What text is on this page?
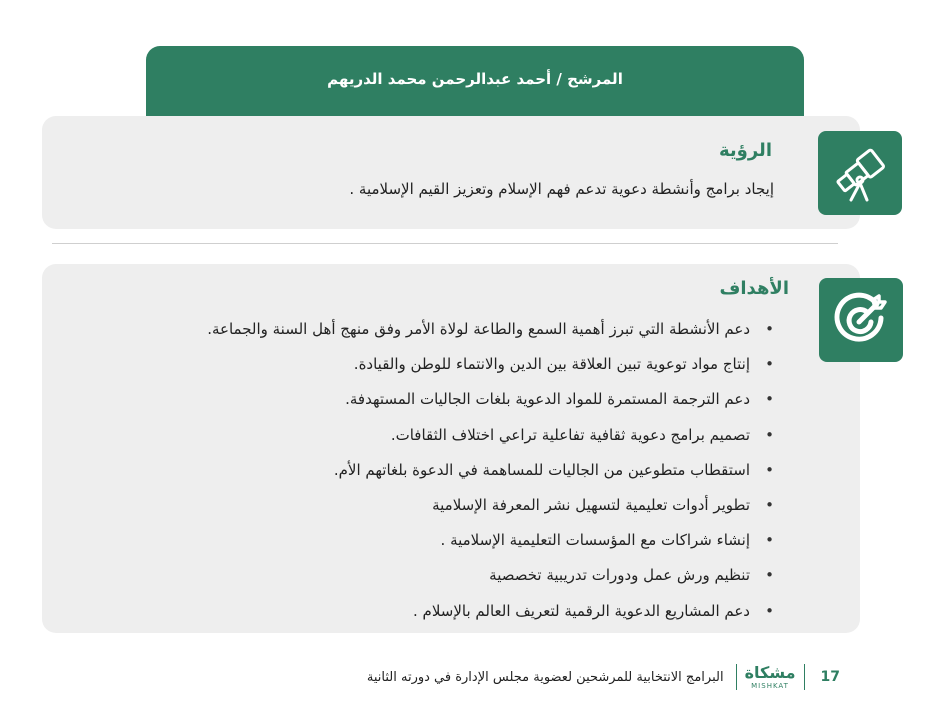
المرشح / أحمد عبدالرحمن محمد الدريهم
الرؤية
إيجاد برامج وأنشطة دعوية تدعم فهم الإسلام وتعزيز القيم الإسلامية .
الأهداف
• دعم الأنشطة التي تبرز أهمية السمع والطاعة لولاة الأمر وفق منهج أهل السنة والجماعة.
• إنتاج مواد توعوية تبين العلاقة بين الدين والانتماء للوطن والقيادة.
• دعم الترجمة المستمرة للمواد الدعوية بلغات الجاليات المستهدفة.
• تصميم برامج دعوية ثقافية تفاعلية تراعي اختلاف الثقافات.
• استقطاب متطوعين من الجاليات للمساهمة في الدعوة بلغاتهم الأم.
• تطوير أدوات تعليمية لتسهيل نشر المعرفة الإسلامية
• إنشاء شراكات مع المؤسسات التعليمية الإسلامية .
• تنظيم ورش عمل ودورات تدريبية تخصصية
• دعم المشاريع الدعوية الرقمية لتعريف العالم بالإسلام .
17
مشكاة
MISHKAT
البرامج الانتخابية للمرشحين لعضوية مجلس الإدارة في دورته الثانية
